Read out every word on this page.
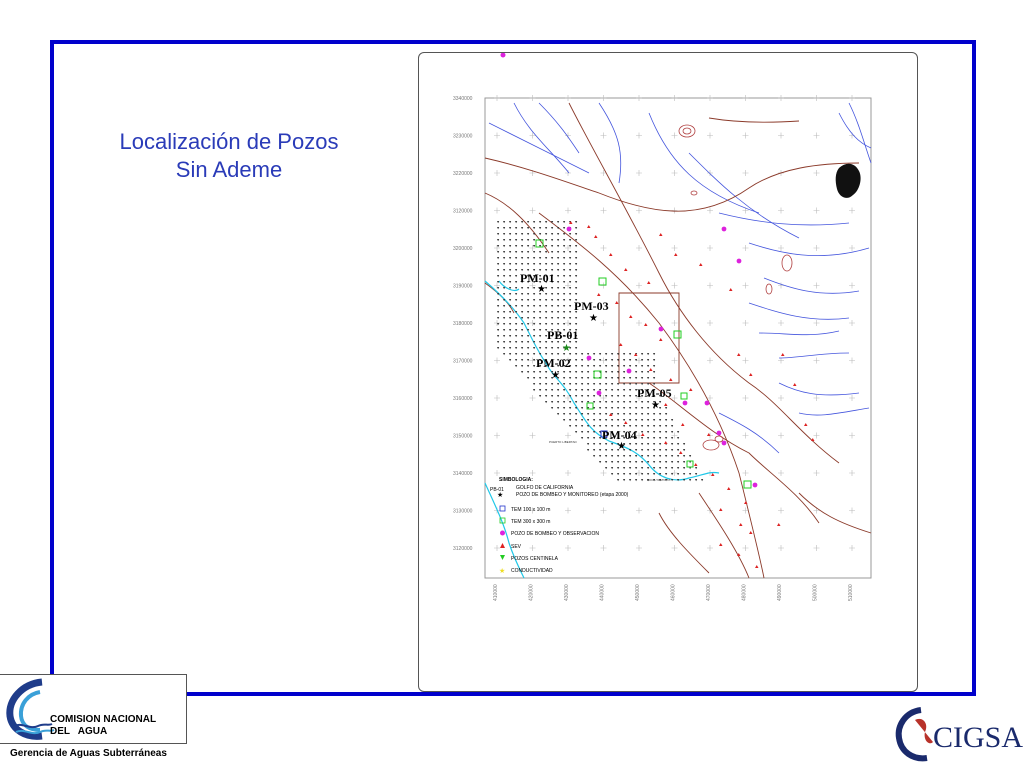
Localización de Pozos
Sin Ademe
3340000
3230000
3220000
3120000
3200000
3190000
3180000
3170000
3160000
3150000
3140000
3130000
3120000
410000	420000	430000	440000	450000	460000	470000	480000	490000	500000	510000
★
★
★
★
★
★
PM-01
PM-03
PB-01
PM-02
PM-05
PM-04
PUERTO LIBERTAD
BOCA TASTIOTA
SIMBOLOGIA:
PB-01
★
GOLFO DE CALIFORNIA
POZO DE BOMBEO Y MONITOREO (etapa 2000)
TEM 100 x 100 m
TEM 300 x 300 m
POZO DE BOMBEO Y OBSERVACION
SEV
POZOS CENTINELA
★ CONDUCTIVIDAD
COMISION NACIONAL
DEL   AGUA
Gerencia de Aguas Subterráneas	CIGSA
